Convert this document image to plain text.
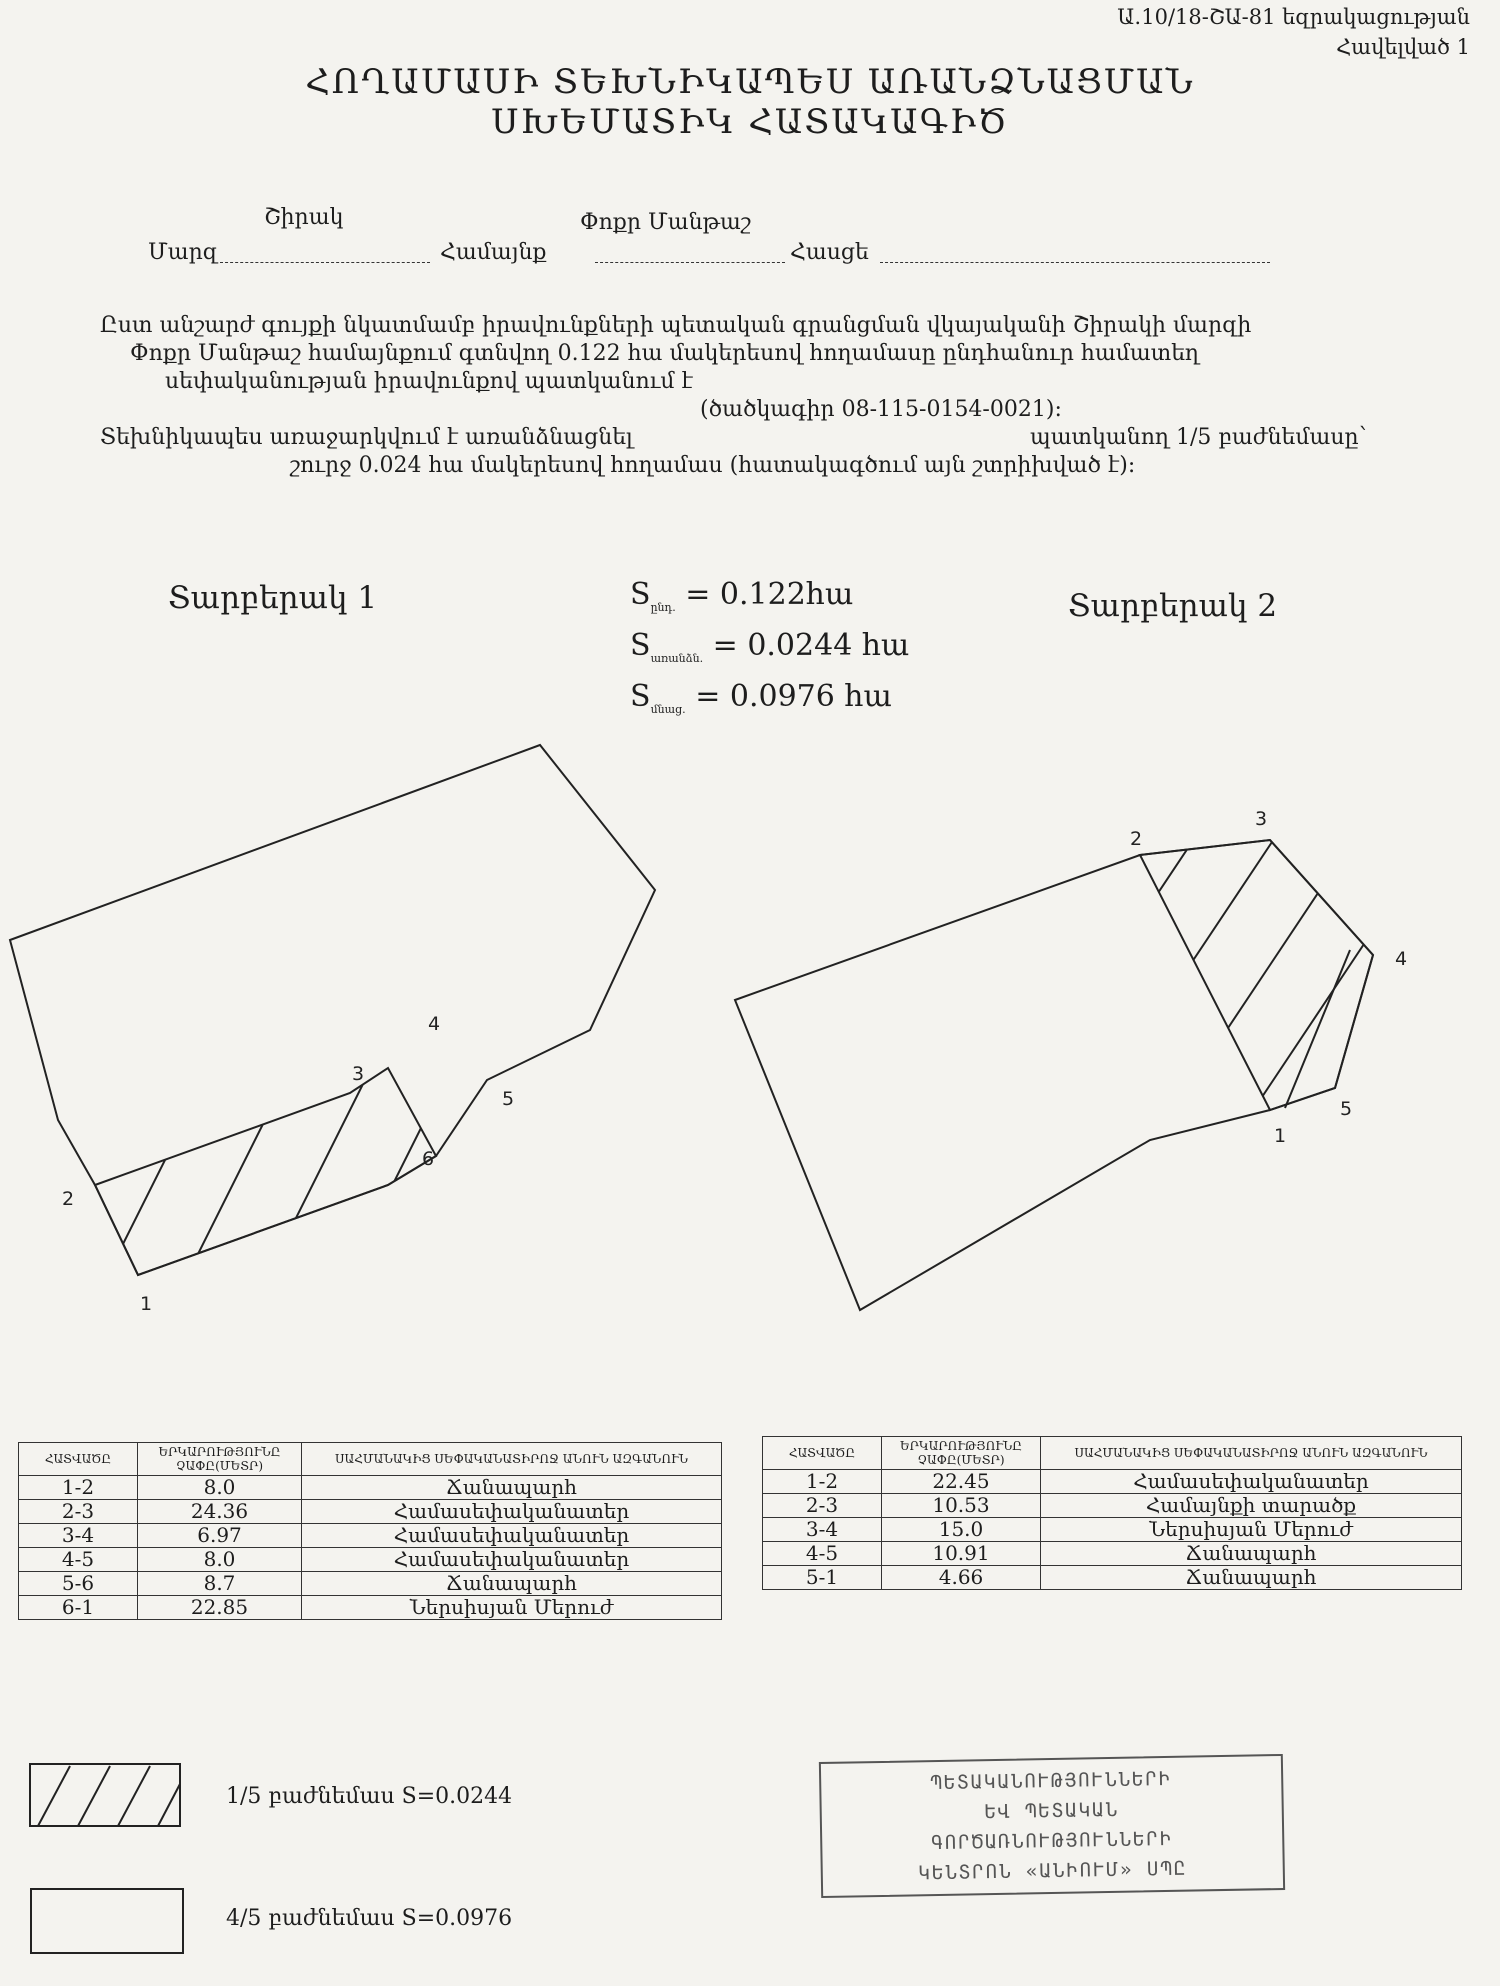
Ա․10/18-ՇԱ-81 եզրակացության
Հավելված 1
ՀՈՂԱՄԱՍԻ ՏԵԽՆԻԿԱՊԵՍ ԱՌԱՆՁՆԱՑՄԱՆ
ՍԽԵՄԱՏԻԿ ՀԱՏԱԿԱԳԻԾ
Շիրակ	Փոքր Մանթաշ
Մարզ	Համայնք	Հասցե
Ըստ անշարժ գույքի նկատմամբ իրավունքների պետական գրանցման վկայականի Շիրակի մարզի
Փոքր Մանթաշ համայնքում գտնվող 0.122 հա մակերեսով հողամասը ընդհանուր համատեղ
սեփականության իրավունքով պատկանում է
(ծածկագիր 08-115-0154-0021):
Տեխնիկապես առաջարկվում է առանձնացնել	պատկանող 1/5 բաժնեմասը՝
շուրջ 0.024 հա մակերեսով հողամաս (հատակագծում այն շտրիխված է):
Տարբերակ 1	Տարբերակ 2
$S_{ընդ.}$ = 0.122հա
$S_{առանձն.} = 0.0244$ հա
$S_{մնաց.} = 0.0976$ հա
1
2
3
4
5
6
1
2
3
4
5
ՀԱՏՎԱԾԸ	ԵՐԿԱՐՈՒԹՅՈՒՆԸ ՉԱՓԸ(ՄԵՏՐ)	ՍԱՀՄԱՆԱԿԻՑ ՍԵՓԱԿԱՆԱՏԻՐՈՋ ԱՆՈՒՆ ԱԶԳԱՆՈՒՆ
1-2	8.0	Ճանապարհ
2-3	24.36	Համասեփականատեր
3-4	6.97	Համասեփականատեր
4-5	8.0	Համասեփականատեր
5-6	8.7	Ճանապարհ
6-1	22.85	Ներսիսյան Մերուժ
ՀԱՏՎԱԾԸ	ԵՐԿԱՐՈՒԹՅՈՒՆԸ ՉԱՓԸ(ՄԵՏՐ)	ՍԱՀՄԱՆԱԿԻՑ ՍԵՓԱԿԱՆԱՏԻՐՈՋ ԱՆՈՒՆ ԱԶԳԱՆՈՒՆ
1-2	22.45	Համասեփականատեր
2-3	10.53	Համայնքի տարածք
3-4	15.0	Ներսիսյան Մերուժ
4-5	10.91	Ճանապարհ
5-1	4.66	Ճանապարհ
1/5 բաժնեմաս S=0.0244
4/5 բաժնեմաս S=0.0976
ՊԵՏԱԿԱՆՈՒԹՅՈՒՆՆԵՐԻ
ԵՎ ՊԵՏԱԿԱՆ
ԳՈՐԾԱՌՆՈՒԹՅՈՒՆՆԵՐԻ
ԿԵՆՏՐՈՆ «ԱՆԻՈՒՄ» ՍՊԸ
